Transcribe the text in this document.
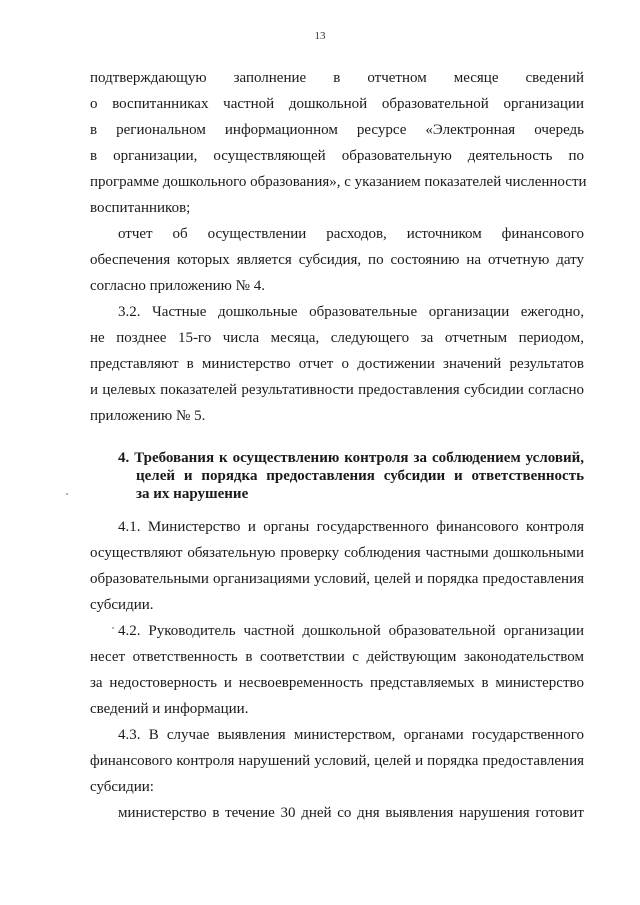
13
подтверждающую заполнение в отчетном месяце сведений
о воспитанниках частной дошкольной образовательной организации
в региональном информационном ресурсе «Электронная очередь
в организации, осуществляющей образовательную деятельность по
программе дошкольного образования», с указанием показателей численности
воспитанников;
отчет об осуществлении расходов, источником финансового
обеспечения которых является субсидия, по состоянию на отчетную дату
согласно приложению № 4.
3.2. Частные дошкольные образовательные организации ежегодно,
не позднее 15-го числа месяца, следующего за отчетным периодом,
представляют в министерство отчет о достижении значений результатов
и целевых показателей результативности предоставления субсидии согласно
приложению № 5.
4. Требования к осуществлению контроля за соблюдением условий,
целей и порядка предоставления субсидии и ответственность
за их нарушение
4.1. Министерство и органы государственного финансового контроля
осуществляют обязательную проверку соблюдения частными дошкольными
образовательными организациями условий, целей и порядка предоставления
субсидии.
4.2. Руководитель частной дошкольной образовательной организации
несет ответственность в соответствии с действующим законодательством
за недостоверность и несвоевременность представляемых в министерство
сведений и информации.
4.3. В случае выявления министерством, органами государственного
финансового контроля нарушений условий, целей и порядка предоставления
субсидии:
министерство в течение 30 дней со дня выявления нарушения готовит
